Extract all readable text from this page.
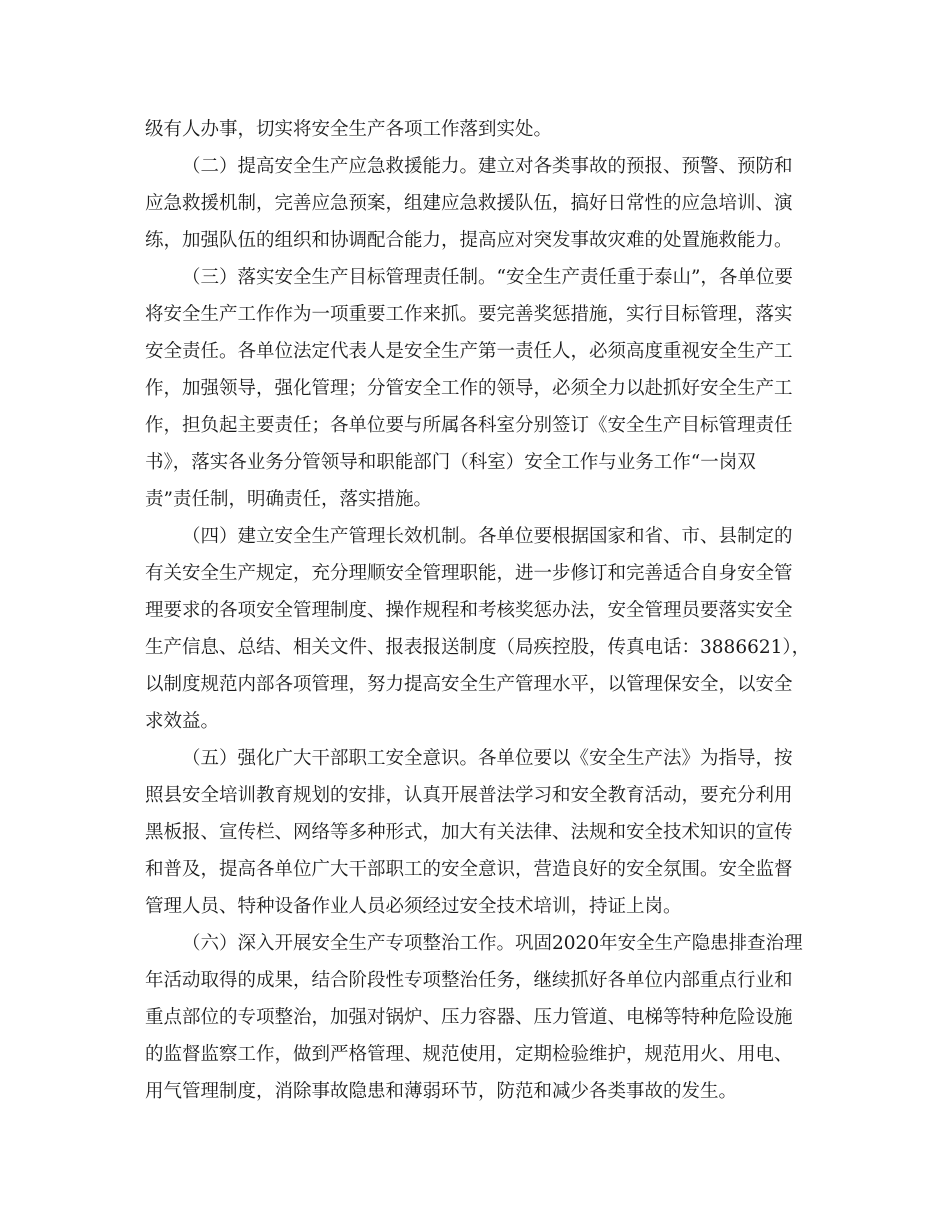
级有人办事，切实将安全生产各项工作落到实处。
（二）提高安全生产应急救援能力。建立对各类事故的预报、预警、预防和
应急救援机制，完善应急预案，组建应急救援队伍，搞好日常性的应急培训、演
练，加强队伍的组织和协调配合能力，提高应对突发事故灾难的处置施救能力。
（三）落实安全生产目标管理责任制。“安全生产责任重于泰山”，各单位要
将安全生产工作作为一项重要工作来抓。要完善奖惩措施，实行目标管理，落实
安全责任。各单位法定代表人是安全生产第一责任人，必须高度重视安全生产工
作，加强领导，强化管理；分管安全工作的领导，必须全力以赴抓好安全生产工
作，担负起主要责任；各单位要与所属各科室分别签订《安全生产目标管理责任
书》，落实各业务分管领导和职能部门（科室）安全工作与业务工作“一岗双
责”责任制，明确责任，落实措施。
（四）建立安全生产管理长效机制。各单位要根据国家和省、市、县制定的
有关安全生产规定，充分理顺安全管理职能，进一步修订和完善适合自身安全管
理要求的各项安全管理制度、操作规程和考核奖惩办法，安全管理员要落实安全
生产信息、总结、相关文件、报表报送制度（局疾控股，传真电话：3886621），
以制度规范内部各项管理，努力提高安全生产管理水平，以管理保安全，以安全
求效益。
（五）强化广大干部职工安全意识。各单位要以《安全生产法》为指导，按
照县安全培训教育规划的安排，认真开展普法学习和安全教育活动，要充分利用
黑板报、宣传栏、网络等多种形式，加大有关法律、法规和安全技术知识的宣传
和普及，提高各单位广大干部职工的安全意识，营造良好的安全氛围。安全监督
管理人员、特种设备作业人员必须经过安全技术培训，持证上岗。
（六）深入开展安全生产专项整治工作。巩固2020年安全生产隐患排查治理
年活动取得的成果，结合阶段性专项整治任务，继续抓好各单位内部重点行业和
重点部位的专项整治，加强对锅炉、压力容器、压力管道、电梯等特种危险设施
的监督监察工作，做到严格管理、规范使用，定期检验维护，规范用火、用电、
用气管理制度，消除事故隐患和薄弱环节，防范和减少各类事故的发生。
